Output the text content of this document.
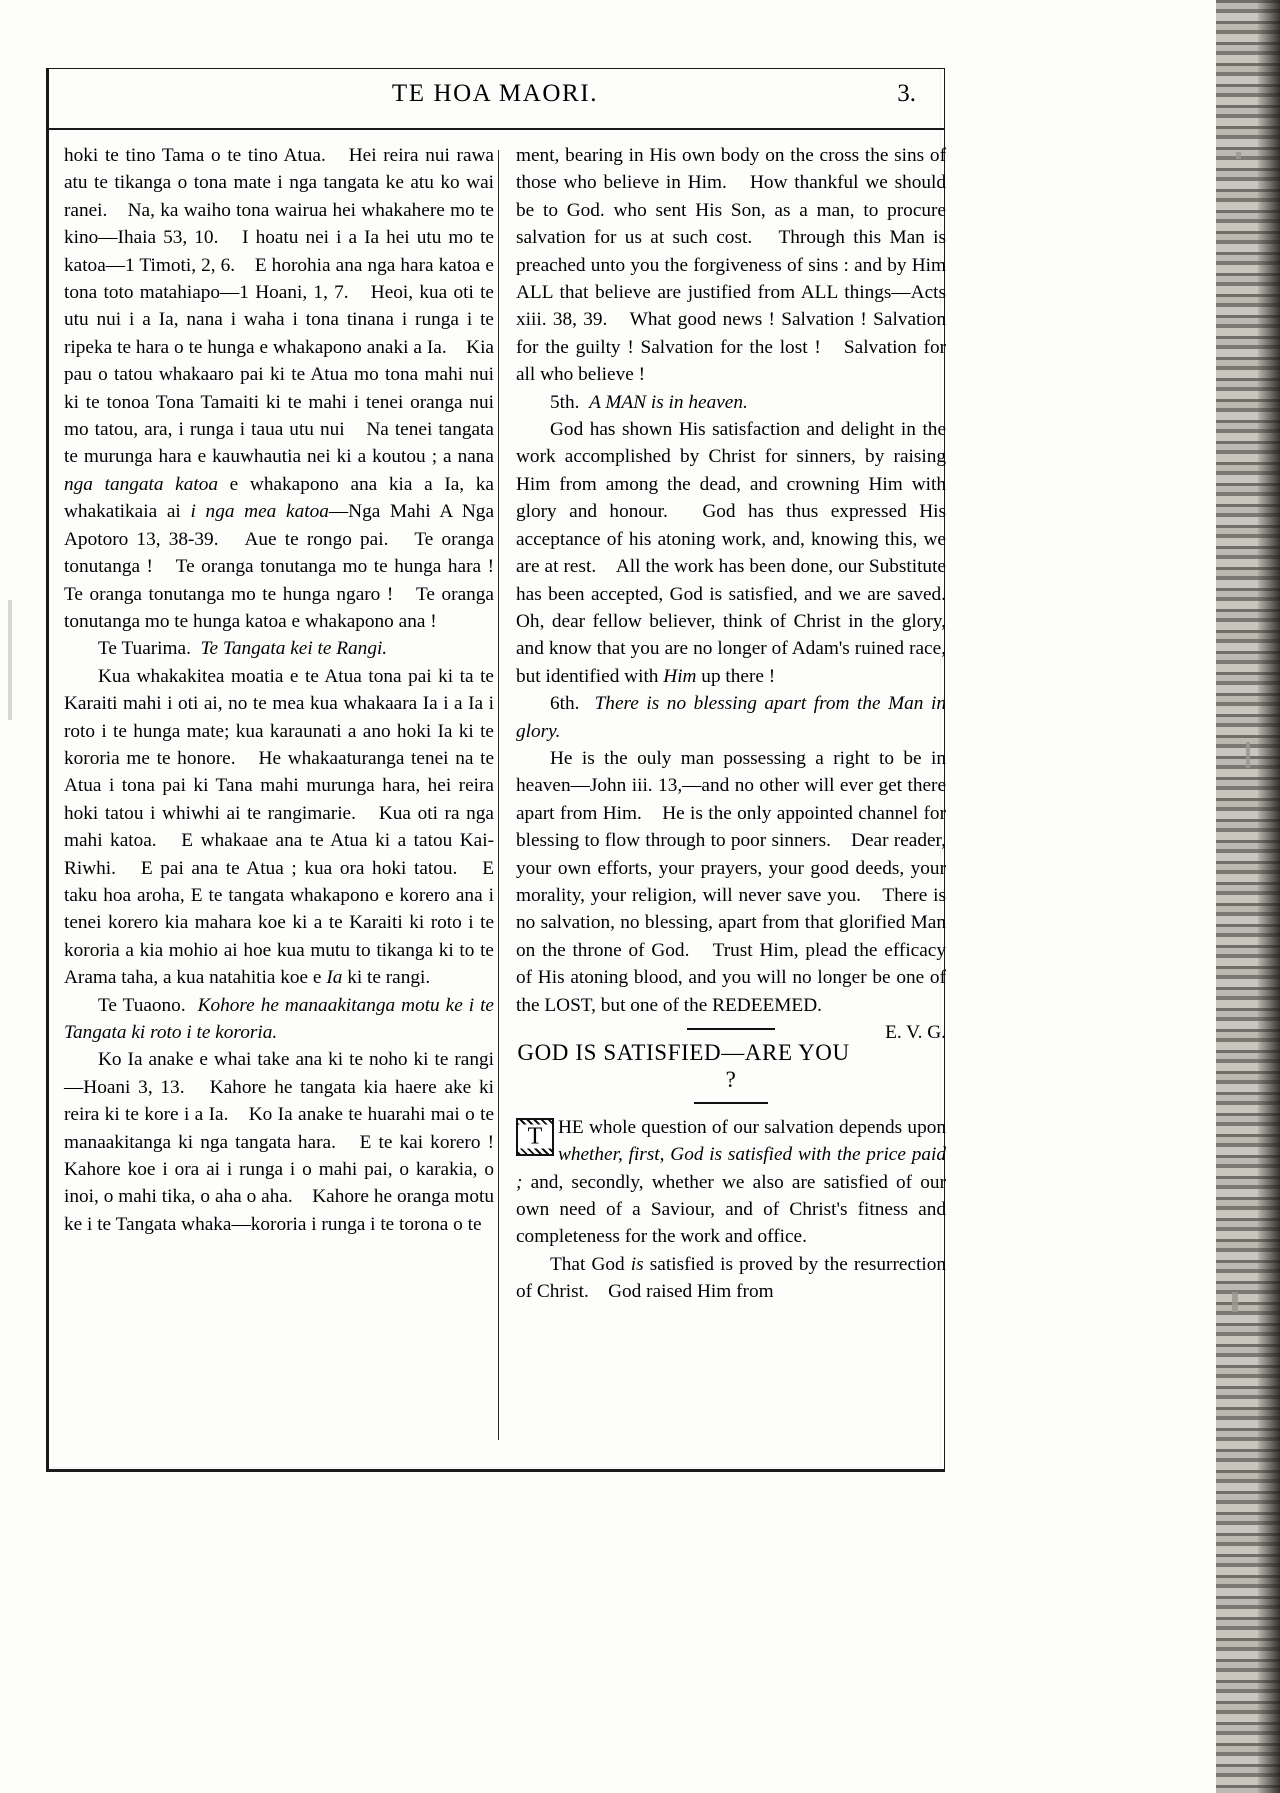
TE HOA MAORI.	3.

hoki te tino Tama o te tino Atua.　Hei reira nui rawa atu te tikanga o tona mate i nga tangata ke atu ko wai ranei.　Na, ka waiho tona wairua hei whakahere mo te kino—Ihaia 53, 10.　I hoatu nei i a Ia hei utu mo te katoa—1 Timoti, 2, 6.　E horohia ana nga hara katoa e tona toto matahiapo—1 Hoani, 1, 7.　Heoi, kua oti te utu nui i a Ia, nana i waha i tona tinana i runga i te ripeka te hara o te hunga e whakapono anaki a Ia.　Kia pau o tatou whakaaro pai ki te Atua mo tona mahi nui ki te tonoa Tona Tamaiti ki te mahi i tenei oranga nui mo tatou, ara, i runga i taua utu nui　Na tenei tangata te murunga hara e kauwhautia nei ki a koutou ; a nana nga tangata katoa e whakapono ana kia a Ia, ka whakatikaia ai i nga mea katoa—Nga Mahi A Nga Apotoro 13, 38-39.　Aue te rongo pai.　Te oranga tonutanga !　Te oranga tonutanga mo te hunga hara !　Te oranga tonutanga mo te hunga ngaro !　Te oranga tonutanga mo te hunga katoa e whakapono ana !

Te Tuarima. Te Tangata kei te Rangi.

Kua whakakitea moatia e te Atua tona pai ki ta te Karaiti mahi i oti ai, no te mea kua whakaara Ia i a Ia i roto i te hunga mate; kua karaunati a ano hoki Ia ki te kororia me te honore.　He whakaaturanga tenei na te Atua i tona pai ki Tana mahi murunga hara, hei reira hoki tatou i whiwhi ai te rangimarie.　Kua oti ra nga mahi katoa.　E whakaae ana te Atua ki a tatou Kai-Riwhi.　E pai ana te Atua ; kua ora hoki tatou.　E taku hoa aroha, E te tangata whakapono e korero ana i tenei korero kia mahara koe ki a te Karaiti ki roto i te kororia a kia mohio ai hoe kua mutu to tikanga ki to te Arama taha, a kua natahitia koe e Ia ki te rangi.

Te Tuaono. Kohore he manaakitanga motu ke i te Tangata ki roto i te kororia.

Ko Ia anake e whai take ana ki te noho ki te rangi—Hoani 3, 13.　Kahore he tangata kia haere ake ki reira ki te kore i a Ia.　Ko Ia anake te huarahi mai o te manaakitanga ki nga tangata hara.　E te kai korero ! Kahore koe i ora ai i runga i o mahi pai, o karakia, o inoi, o mahi tika, o aha o aha.　Kahore he oranga motu ke i te Tangata whaka—kororia i runga i te torona o te

ment, bearing in His own body on the cross the sins of those who believe in Him.　How thankful we should be to God. who sent His Son, as a man, to procure salvation for us at such cost.　Through this Man is preached unto you the forgiveness of sins : and by Him ALL that believe are justified from ALL things—Acts xiii. 38, 39.　What good news ! Salvation ! Salvation for the guilty ! Salvation for the lost !　Salvation for all who believe !

5th. A MAN is in heaven.

God has shown His satisfaction and delight in the work accomplished by Christ for sinners, by raising Him from among the dead, and crowning Him with glory and honour.　God has thus expressed His acceptance of his atoning work, and, knowing this, we are at rest.　All the work has been done, our Substitute has been accepted, God is satisfied, and we are saved.　Oh, dear fellow believer, think of Christ in the glory, and know that you are no longer of Adam's ruined race, but identified with Him up there !

6th. There is no blessing apart from the Man in glory.

He is the ouly man possessing a right to be in heaven—John iii. 13,—and no other will ever get there apart from Him.　He is the only appointed channel for blessing to flow through to poor sinners.　Dear reader, your own efforts, your prayers, your good deeds, your morality, your religion, will never save you.　There is no salvation, no blessing, apart from that glorified Man on the throne of God.　Trust Him, plead the efficacy of His atoning blood, and you will no longer be one of the LOST, but one of the REDEEMED.
E. V. G.

GOD IS SATISFIED—ARE YOU ?

T HE whole question of our salvation depends upon whether, first, God is satisfied with the price paid ; and, secondly, whether we also are satisfied of our own need of a Saviour, and of Christ's fitness and completeness for the work and office.

That God is satisfied is proved by the resurrection of Christ.　God raised Him from
